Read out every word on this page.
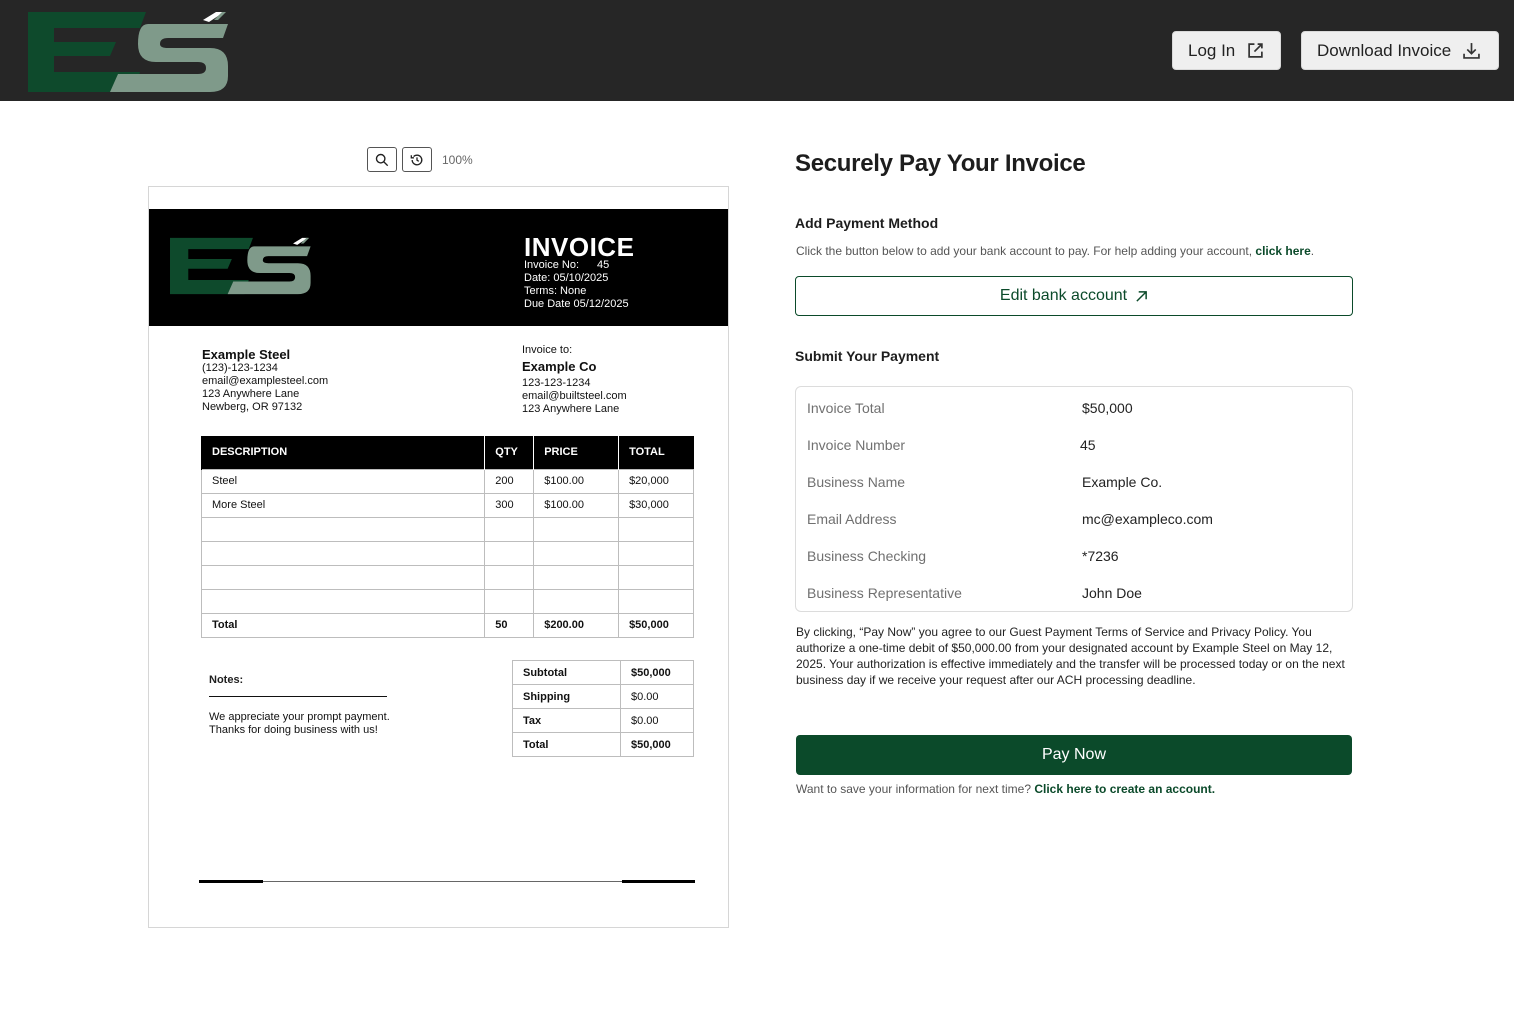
Log In	Download Invoice
100%
INVOICE
Invoice No: 45
Date: 05/10/2025
Terms: None
Due Date 05/12/2025
Example Steel
(123)-123-1234
email@examplesteel.com
123 Anywhere Lane
Newberg, OR 97132
Invoice to:
Example Co
123-123-1234
email@builtsteel.com
123 Anywhere Lane
DESCRIPTION	QTY	PRICE	TOTAL
Steel	200	$100.00	$20,000
More Steel	300	$100.00	$30,000

Total	50	$200.00	$50,000
Notes:
We appreciate your prompt payment.
Thanks for doing business with us!
Subtotal	$50,000
Shipping	$0.00
Tax	$0.00
Total	$50,000
Securely Pay Your Invoice
Add Payment Method
Click the button below to add your bank account to pay. For help adding your account, click here.
Edit bank account
Submit Your Payment
Invoice Total	$50,000
Invoice Number	45
Business Name	Example Co.
Email Address	mc@exampleco.com
Business Checking	*7236
Business Representative	John Doe
By clicking, “Pay Now” you agree to our Guest Payment Terms of Service and Privacy Policy. You authorize a one-time debit of $50,000.00 from your designated account by Example Steel on May 12, 2025. Your authorization is effective immediately and the transfer will be processed today or on the next business day if we receive your request after our ACH processing deadline.
Pay Now
Want to save your information for next time? Click here to create an account.
